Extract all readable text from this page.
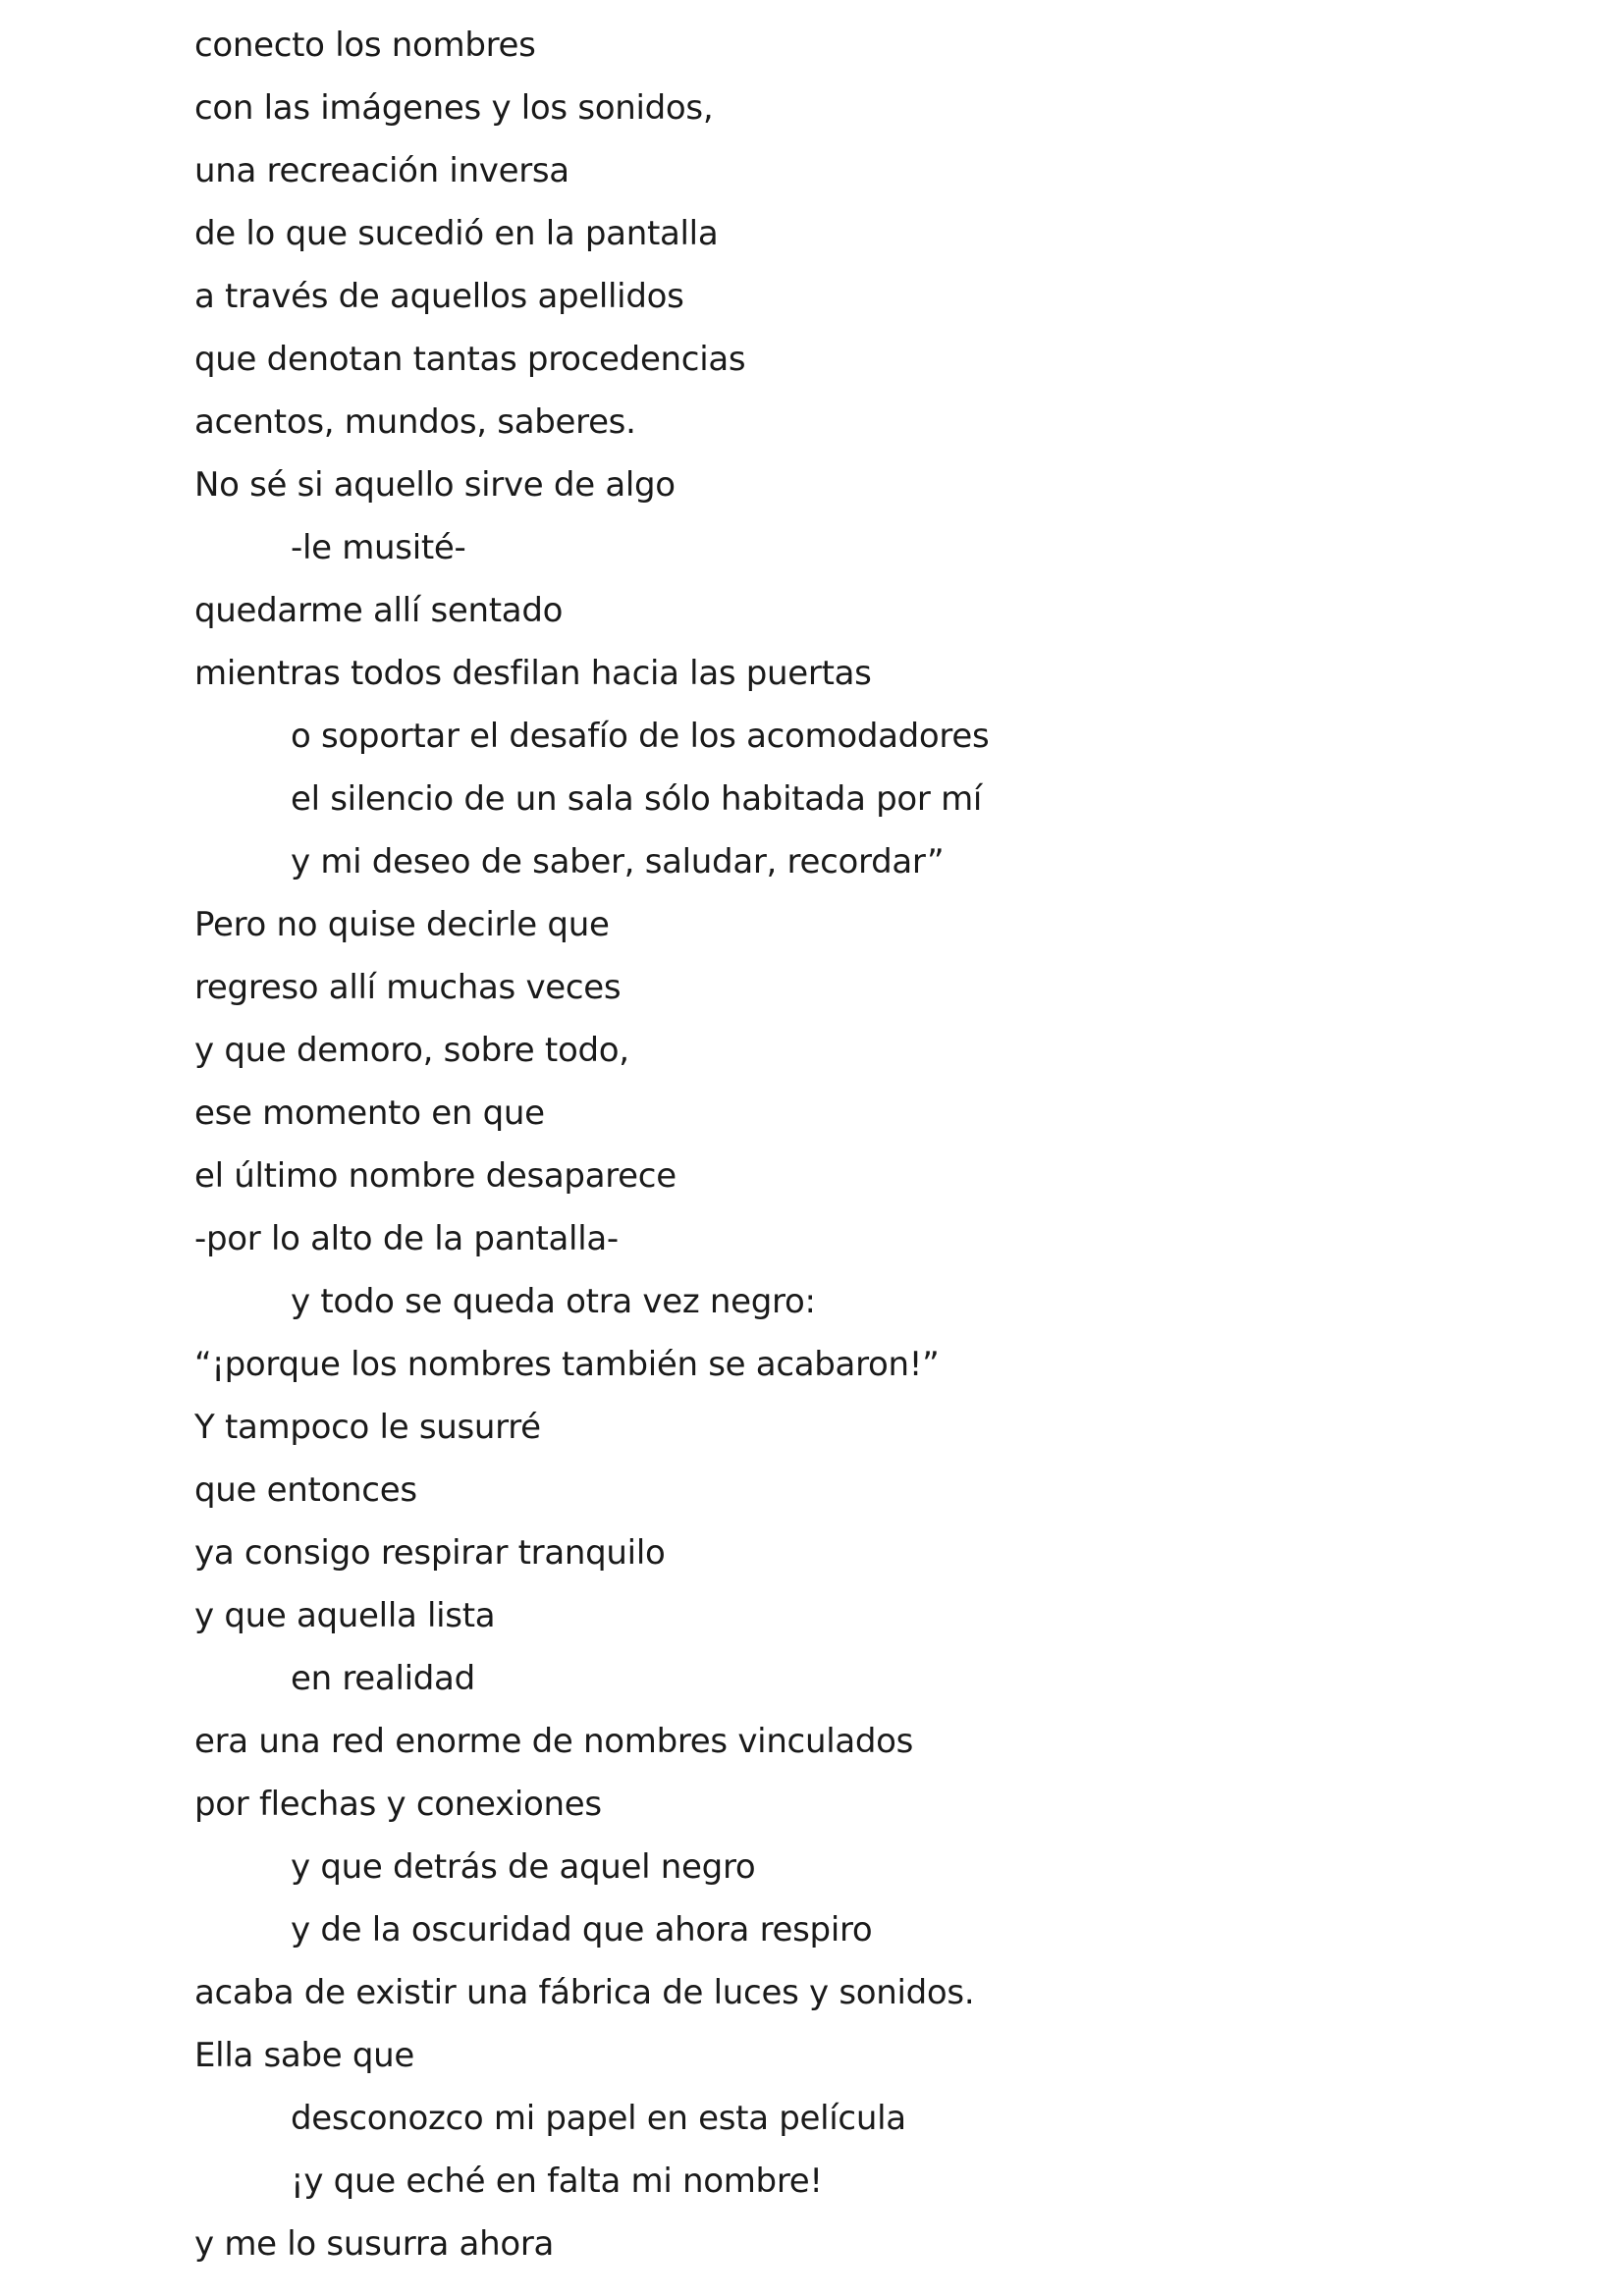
conecto los nombres
con las imágenes y los sonidos,
una recreación inversa
de lo que sucedió en la pantalla
a través de aquellos apellidos
que denotan tantas procedencias
acentos, mundos, saberes.
No sé si aquello sirve de algo
-le musité-
quedarme allí sentado
mientras todos desfilan hacia las puertas
o soportar el desafío de los acomodadores
el silencio de un sala sólo habitada por mí
y mi deseo de saber, saludar, recordar”
Pero no quise decirle que
regreso allí muchas veces
y que demoro, sobre todo,
ese momento en que
el último nombre desaparece
-por lo alto de la pantalla-
y todo se queda otra vez negro:
“¡porque los nombres también se acabaron!”
Y tampoco le susurré
que entonces
ya consigo respirar tranquilo
y que aquella lista
en realidad
era una red enorme de nombres vinculados
por flechas y conexiones
y que detrás de aquel negro
y de la oscuridad que ahora respiro
acaba de existir una fábrica de luces y sonidos.
Ella sabe que
desconozco mi papel en esta película
¡y que eché en falta mi nombre!
y me lo susurra ahora
